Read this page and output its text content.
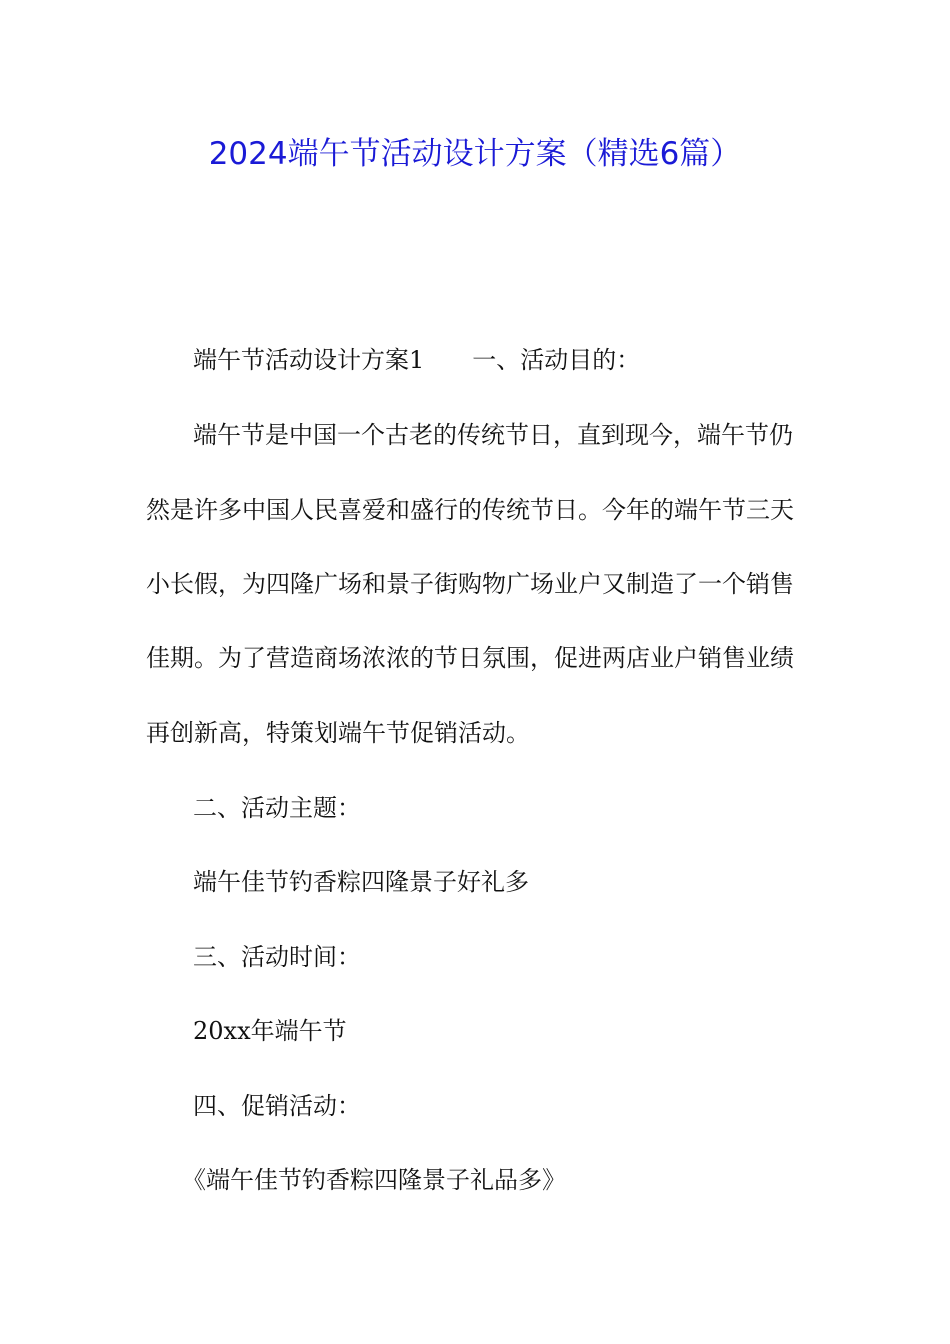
2024端午节活动设计方案（精选6篇）

端午节活动设计方案1 一、活动目的：

端午节是中国一个古老的传统节日，直到现今，端午节仍

然是许多中国人民喜爱和盛行的传统节日。今年的端午节三天

小长假，为四隆广场和景子街购物广场业户又制造了一个销售

佳期。为了营造商场浓浓的节日氛围，促进两店业户销售业绩

再创新高，特策划端午节促销活动。

二、活动主题：

端午佳节钓香粽四隆景子好礼多

三、活动时间：

20xx年端午节

四、促销活动：

《端午佳节钓香粽四隆景子礼品多》
